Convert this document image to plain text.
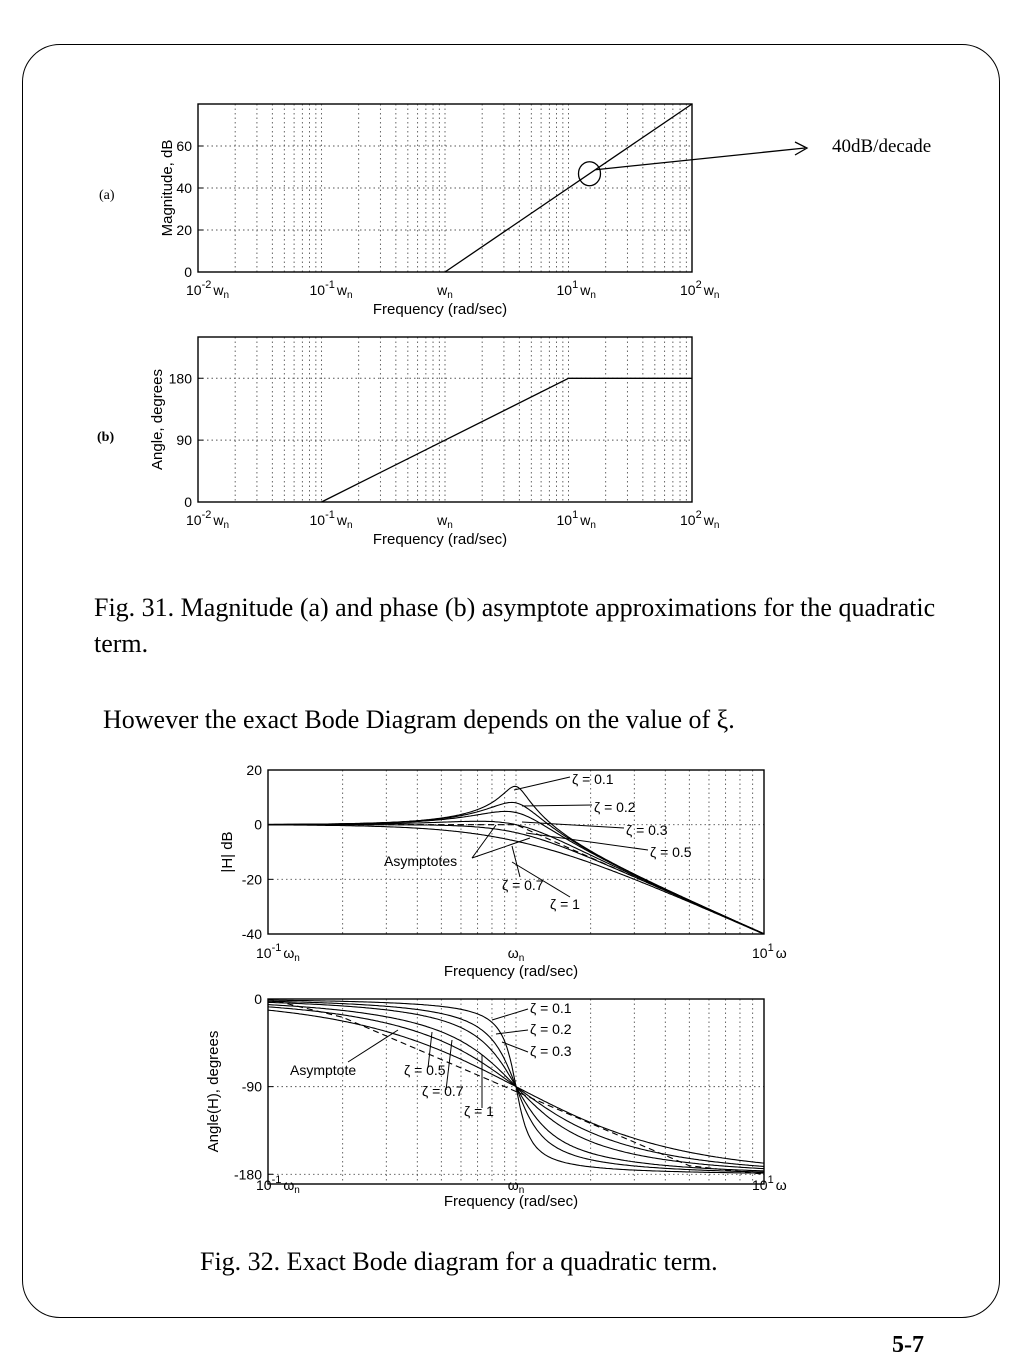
0
20
40
60
Magnitude, dB
$10^{-2}$ $w_n$	$10^{-1}$ $w_n$	$w_n$	$10^1$ $w_n$	$10^2$ $w_n$
Frequency (rad/sec)
0
90
180
Angle, degrees
$10^{-2}$ $w_n$	$10^{-1}$ $w_n$	$w_n$	$10^1$ $w_n$	$10^2$ $w_n$
Frequency (rad/sec)
-40
-20
0
20
|H| dB
$10^{-1}$ $\omega_n$	$\omega_n$	$10^1$ ω
Frequency (rad/sec)
ζ = 0.1
ζ = 0.2
ζ = 0.3
ζ = 0.5
ζ = 0.7
ζ = 1
Asymptotes
-180
-90
0
Angle(H), degrees
$10^{-1}$ $\omega_n$	$\omega_n$	$10^1$ ω
Frequency (rad/sec)
ζ = 0.1
ζ = 0.2
ζ = 0.3
ζ = 0.5
ζ = 0.7
ζ = 1
Asymptote
(a)
(b)
40dB/decade
Fig. 31. Magnitude (a) and phase (b) asymptote approximations for the quadratic term.
However the exact Bode Diagram depends on the value of ξ.
Fig. 32. Exact Bode diagram for a quadratic term.
5-7
